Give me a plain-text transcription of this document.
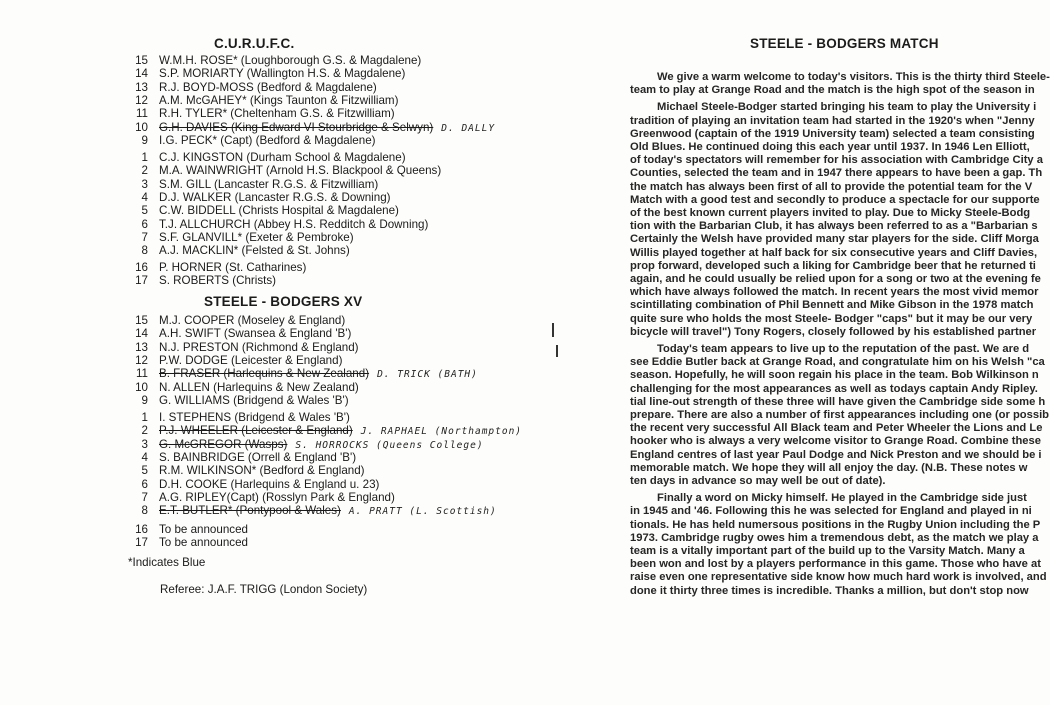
C.U.R.U.F.C.
15 W.M.H. ROSE* (Loughborough G.S. & Magdalene)
14 S.P. MORIARTY (Wallington H.S. & Magdalene)
13 R.J. BOYD-MOSS (Bedford & Magdalene)
12 A.M. McGAHEY* (Kings Taunton & Fitzwilliam)
11 R.H. TYLER* (Cheltenham G.S. & Fitzwilliam)
10 G.H. DAVIES (King Edward VI Stourbridge & Selwyn) D. DALLY
9 I.G. PECK* (Capt) (Bedford & Magdalene)
1 C.J. KINGSTON (Durham School & Magdalene)
2 M.A. WAINWRIGHT (Arnold H.S. Blackpool & Queens)
3 S.M. GILL (Lancaster R.G.S. & Fitzwilliam)
4 D.J. WALKER (Lancaster R.G.S. & Downing)
5 C.W. BIDDELL (Christs Hospital & Magdalene)
6 T.J. ALLCHURCH (Abbey H.S. Redditch & Downing)
7 S.F. GLANVILL* (Exeter & Pembroke)
8 A.J. MACKLIN* (Felsted & St. Johns)
16 P. HORNER (St. Catharines)
17 S. ROBERTS (Christs)
STEELE - BODGERS XV
15 M.J. COOPER (Moseley & England)
14 A.H. SWIFT (Swansea & England 'B')
13 N.J. PRESTON (Richmond & England)
12 P.W. DODGE (Leicester & England)
11 B. FRASER (Harlequins & New Zealand) D. TRICK (BATH)
10 N. ALLEN (Harlequins & New Zealand)
9 G. WILLIAMS (Bridgend & Wales 'B')
1 I. STEPHENS (Bridgend & Wales 'B')
2 P.J. WHEELER (Leicester & England) J. RAPHAEL (Northampton)
3 G. McGREGOR (Wasps) S. HORROCKS (Queens College)
4 S. BAINBRIDGE (Orrell & England 'B')
5 R.M. WILKINSON* (Bedford & England)
6 D.H. COOKE (Harlequins & England u. 23)
7 A.G. RIPLEY(Capt) (Rosslyn Park & England)
8 E.T. BUTLER* (Pontypool & Wales) A. PRATT (L. Scottish)
16 To be announced
17 To be announced
*Indicates Blue
Referee: J.A.F. TRIGG (London Society)
STEELE - BODGERS MATCH
We give a warm welcome to today's visitors. This is the thirty third Steele-
team to play at Grange Road and the match is the high spot of the season in
Michael Steele-Bodger started bringing his team to play the University i
tradition of playing an invitation team had started in the 1920's when "Jenny
Greenwood (captain of the 1919 University team) selected a team consisting
Old Blues. He continued doing this each year until 1937. In 1946 Len Elliott,
of today's spectators will remember for his association with Cambridge City a
Counties, selected the team and in 1947 there appears to have been a gap. Th
the match has always been first of all to provide the potential team for the V
Match with a good test and secondly to produce a spectacle for our supporte
of the best known current players invited to play. Due to Micky Steele-Bodg
tion with the Barbarian Club, it has always been referred to as a "Barbarian s
Certainly the Welsh have provided many star players for the side. Cliff Morga
Willis played together at half back for six consecutive years and Cliff Davies,
prop forward, developed such a liking for Cambridge beer that he returned ti
again, and he could usually be relied upon for a song or two at the evening fe
which have always followed the match. In recent years the most vivid memor
scintillating combination of Phil Bennett and Mike Gibson in the 1978 match
quite sure who holds the most Steele- Bodger "caps" but it may be our very
bicycle will travel") Tony Rogers, closely followed by his established partner
Today's team appears to live up to the reputation of the past. We are d
see Eddie Butler back at Grange Road, and congratulate him on his Welsh "ca
season. Hopefully, he will soon regain his place in the team. Bob Wilkinson n
challenging for the most appearances as well as todays captain Andy Ripley.
tial line-out strength of these three will have given the Cambridge side some h
prepare. There are also a number of first appearances including one (or possib
the recent very successful All Black team and Peter Wheeler the Lions and Le
hooker who is always a very welcome visitor to Grange Road. Combine these
England centres of last year Paul Dodge and Nick Preston and we should be i
memorable match. We hope they will all enjoy the day. (N.B. These notes w
ten days in advance so may well be out of date).
Finally a word on Micky himself. He played in the Cambridge side just
in 1945 and '46. Following this he was selected for England and played in ni
tionals. He has held numersous positions in the Rugby Union including the P
1973. Cambridge rugby owes him a tremendous debt, as the match we play a
team is a vitally important part of the build up to the Varsity Match. Many a
been won and lost by a players performance in this game. Those who have at
raise even one representative side know how much hard work is involved, and
done it thirty three times is incredible. Thanks a million, but don't stop now
